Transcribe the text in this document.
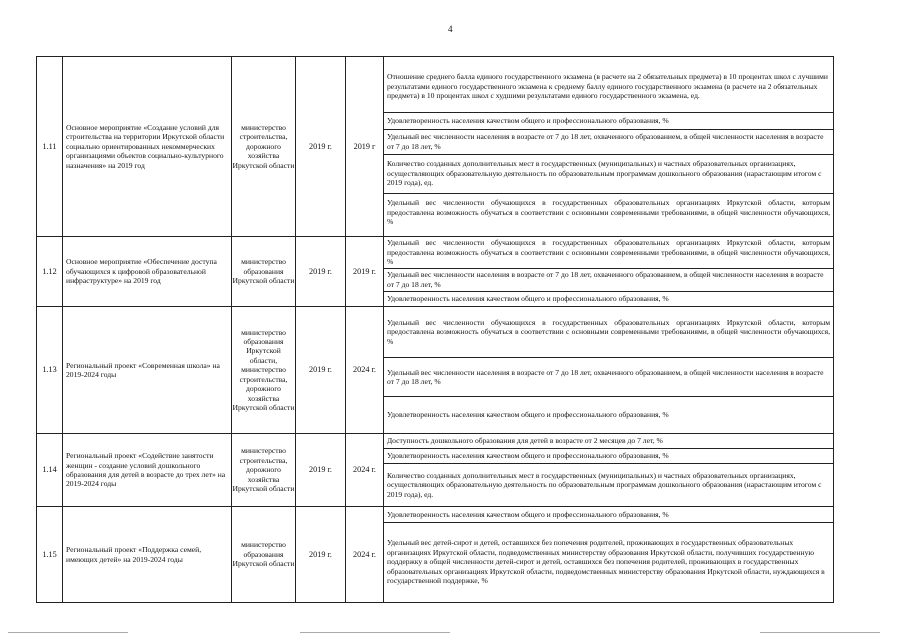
4
1.11	Основное мероприятие «Создание условий для строительства на территории Иркутской области социально ориентированных некоммерческих организациями объектов социально-культурного назначения» на 2019 год	министерство строительства, дорожного хозяйства Иркутской области	2019 г.	2019 г	Отношение среднего балла единого государственного экзамена (в расчете на 2 обязательных предмета) в 10 процентах школ с лучшими результатами единого государственного экзамена к среднему баллу единого государственного экзамена (в расчете на 2 обязательных предмета) в 10 процентах школ с худшими результатами единого государственного экзамена, ед.
Удовлетворенность населения качеством общего и профессионального образования, %
Удельный вес численности населения в возрасте от 7 до 18 лет, охваченного образованием, в общей численности населения в возрасте от 7 до 18 лет, %
Количество созданных дополнительных мест в государственных (муниципальных) и частных образовательных организациях, осуществляющих образовательную деятельность по образовательным программам дошкольного образования (нарастающим итогом с 2019 года), ед.
Удельный вес численности обучающихся в государственных образовательных организациях Иркутской области, которым предоставлена возможность обучаться в соответствии с основными современными требованиями, в общей численности обучающихся, %

1.12	Основное мероприятие «Обеспечение доступа обучающихся к цифровой образовательной инфраструктуре» на 2019 год	министерство образования Иркутской области	2019 г.	2019 г.	Удельный вес численности обучающихся в государственных образовательных организациях Иркутской области, которым предоставлена возможность обучаться в соответствии с основными современными требованиями, в общей численности обучающихся, %
Удельный вес численности населения в возрасте от 7 до 18 лет, охваченного образованием, в общей численности населения в возрасте от 7 до 18 лет, %
Удовлетворенность населения качеством общего и профессионального образования, %

1.13	Региональный проект «Современная школа» на 2019-2024 годы	министерство образования Иркутской области, министерство строительства, дорожного хозяйства Иркутской области	2019 г.	2024 г.	Удельный вес численности обучающихся в государственных образовательных организациях Иркутской области, которым предоставлена возможность обучаться в соответствии с основными современными требованиями, в общей численности обучающихся, %
Удельный вес численности населения в возрасте от 7 до 18 лет, охваченного образованием, в общей численности населения в возрасте от 7 до 18 лет, %
Удовлетворенность населения качеством общего и профессионального образования, %

1.14	Региональный проект «Содействие занятости женщин - создание условий дошкольного образования для детей в возрасте до трех лет» на 2019-2024 годы	министерство строительства, дорожного хозяйства Иркутской области	2019 г.	2024 г.	Доступность дошкольного образования для детей в возрасте от 2 месяцев до 7 лет, %
Удовлетворенность населения качеством общего и профессионального образования, %
Количество созданных дополнительных мест в государственных (муниципальных) и частных образовательных организациях, осуществляющих образовательную деятельность по образовательным программам дошкольного образования (нарастающим итогом с 2019 года), ед.

1.15	Региональный проект «Поддержка семей, имеющих детей» на 2019-2024 годы	министерство образования Иркутской области	2019 г.	2024 г.	Удовлетворенность населения качеством общего и профессионального образования, %
Удельный вес детей-сирот и детей, оставшихся без попечения родителей, проживающих в государственных образовательных организациях Иркутской области, подведомственных министерству образования Иркутской области, получивших государственную поддержку в общей численности детей-сирот и детей, оставшихся без попечения родителей, проживающих в государственных образовательных организациях Иркутской области, подведомственных министерству образования Иркутской области, нуждающихся в государственной поддержке, %
